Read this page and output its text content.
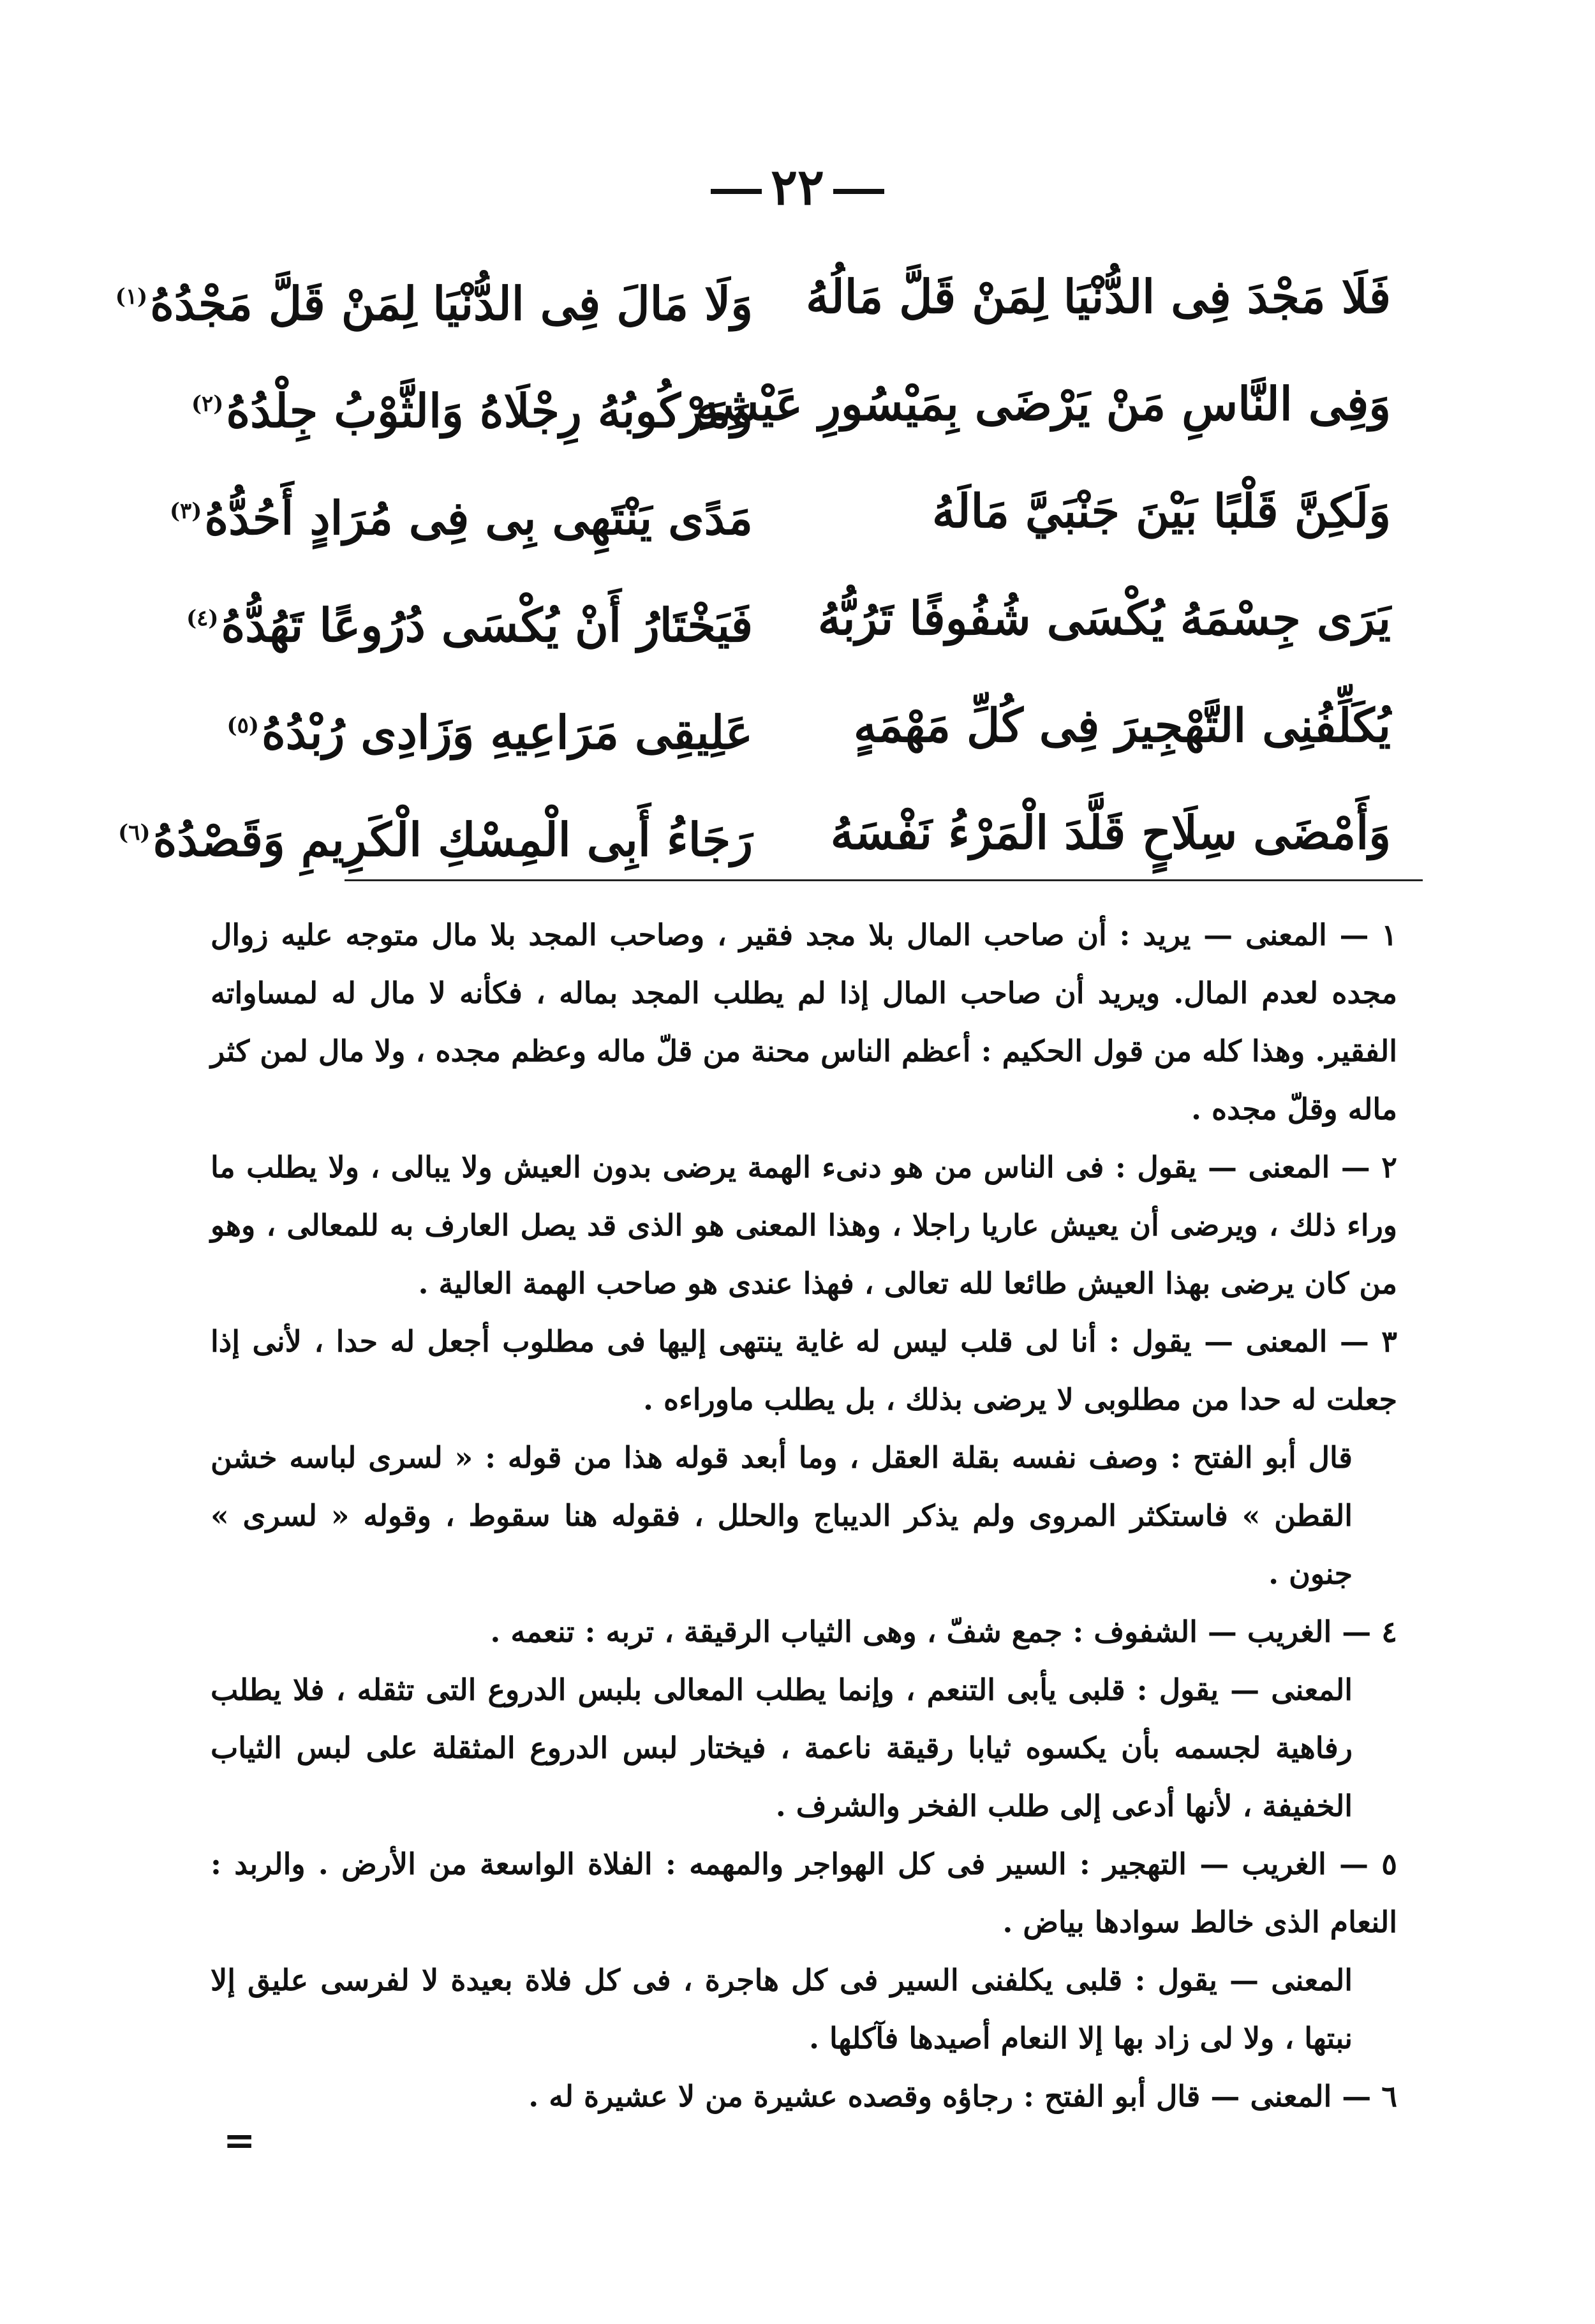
٢٢
فَلَا مَجْدَ فِى الدُّنْيَا لِمَنْ قَلَّ مَالُهُ
وَلَا مَالَ فِى الدُّنْيَا لِمَنْ قَلَّ مَجْدُهُ$^{(١)}$
وَفِى النَّاسِ مَنْ يَرْضَى بِمَيْسُورِ عَيْشِهِ
وَمَرْكُوبُهُ رِجْلَاهُ وَالثَّوْبُ جِلْدُهُ$^{(٢)}$
وَلَكِنَّ قَلْبًا بَيْنَ جَنْبَيَّ مَالَهُ
مَدًى يَنْتَهِى بِى فِى مُرَادٍ أَحُدُّهُ$^{(٣)}$
يَرَى جِسْمَهُ يُكْسَى شُفُوفًا تَرُبُّهُ
فَيَخْتَارُ أَنْ يُكْسَى دُرُوعًا تَهُدُّهُ$^{(٤)}$
يُكَلِّفُنِى التَّهْجِيرَ فِى كُلِّ مَهْمَهٍ
عَلِيقِى مَرَاعِيهِ وَزَادِى رُبْدُهُ$^{(٥)}$
وَأَمْضَى سِلَاحٍ قَلَّدَ الْمَرْءُ نَفْسَهُ
رَجَاءُ أَبِى الْمِسْكِ الْكَرِيمِ وَقَصْدُهُ$^{(٦)}$

١ — المعنى — يريد : أن صاحب المال بلا مجد فقير ، وصاحب المجد بلا مال متوجه عليه زوال مجده لعدم المال. ويريد أن صاحب المال إذا لم يطلب المجد بماله ، فكأنه لا مال له لمساواته الفقير. وهذا كله من قول الحكيم : أعظم الناس محنة من قلّ ماله وعظم مجده ، ولا مال لمن كثر ماله وقلّ مجده .

٢ — المعنى — يقول : فى الناس من هو دنىء الهمة يرضى بدون العيش ولا يبالى ، ولا يطلب ما وراء ذلك ، ويرضى أن يعيش عاريا راجلا ، وهذا المعنى هو الذى قد يصل العارف به للمعالى ، وهو من كان يرضى بهذا العيش طائعا لله تعالى ، فهذا عندى هو صاحب الهمة العالية .

٣ — المعنى — يقول : أنا لى قلب ليس له غاية ينتهى إليها فى مطلوب أجعل له حدا ، لأنى إذا جعلت له حدا من مطلوبى لا يرضى بذلك ، بل يطلب ماوراءه .

قال أبو الفتح : وصف نفسه بقلة العقل ، وما أبعد قوله هذا من قوله : « لسرى لباسه خشن القطن » فاستكثر المروى ولم يذكر الديباج والحلل ، فقوله هنا سقوط ، وقوله « لسرى » جنون .

٤ — الغريب — الشفوف : جمع شفّ ، وهى الثياب الرقيقة ، تربه : تنعمه .

المعنى — يقول : قلبى يأبى التنعم ، وإنما يطلب المعالى بلبس الدروع التى تثقله ، فلا يطلب رفاهية لجسمه بأن يكسوه ثيابا رقيقة ناعمة ، فيختار لبس الدروع المثقلة على لبس الثياب الخفيفة ، لأنها أدعى إلى طلب الفخر والشرف .

٥ — الغريب — التهجير : السير فى كل الهواجر والمهمه : الفلاة الواسعة من الأرض . والربد : النعام الذى خالط سوادها بياض .

المعنى — يقول : قلبى يكلفنى السير فى كل هاجرة ، فى كل فلاة بعيدة لا لفرسى عليق إلا نبتها ، ولا لى زاد بها إلا النعام أصيدها فآكلها .

٦ — المعنى — قال أبو الفتح : رجاؤه وقصده عشيرة من لا عشيرة له .

=
